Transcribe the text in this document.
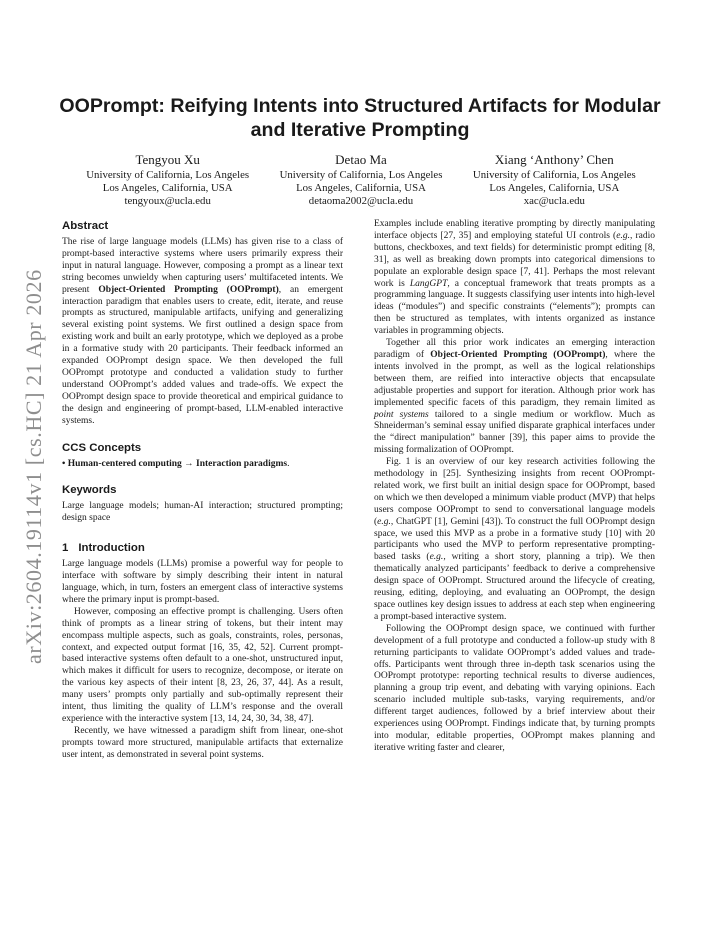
arXiv:2604.19114v1 [cs.HC] 21 Apr 2026
OOPrompt: Reifying Intents into Structured Artifacts for Modular and Iterative Prompting
Tengyou Xu
University of California, Los Angeles
Los Angeles, California, USA
tengyoux@ucla.edu
Detao Ma
University of California, Los Angeles
Los Angeles, California, USA
detaoma2002@ucla.edu
Xiang ‘Anthony’ Chen
University of California, Los Angeles
Los Angeles, California, USA
xac@ucla.edu
Abstract

The rise of large language models (LLMs) has given rise to a class of prompt-based interactive systems where users primarily express their input in natural language. However, composing a prompt as a linear text string becomes unwieldy when capturing users’ multifaceted intents. We present Object-Oriented Prompting (OOPrompt), an emergent interaction paradigm that enables users to create, edit, iterate, and reuse prompts as structured, manipulable artifacts, unifying and generalizing several existing point systems. We first outlined a design space from existing work and built an early prototype, which we deployed as a probe in a formative study with 20 participants. Their feedback informed an expanded OOPrompt design space. We then developed the full OOPrompt prototype and conducted a validation study to further understand OOPrompt’s added values and trade-offs. We expect the OOPrompt design space to provide theoretical and empirical guidance to the design and engineering of prompt-based, LLM-enabled interactive systems.

CCS Concepts

• Human-centered computing → Interaction paradigms.

Keywords

Large language models; human-AI interaction; structured prompting; design space

1 Introduction

Large language models (LLMs) promise a powerful way for people to interface with software by simply describing their intent in natural language, which, in turn, fosters an emergent class of interactive systems where the primary input is prompt-based.

However, composing an effective prompt is challenging. Users often think of prompts as a linear string of tokens, but their intent may encompass multiple aspects, such as goals, constraints, roles, personas, context, and expected output format [16, 35, 42, 52]. Current prompt-based interactive systems often default to a one-shot, unstructured input, which makes it difficult for users to recognize, decompose, or iterate on the various key aspects of their intent [8, 23, 26, 37, 44]. As a result, many users’ prompts only partially and sub-optimally represent their intent, thus limiting the quality of LLM’s response and the overall experience with the interactive system [13, 14, 24, 30, 34, 38, 47].

Recently, we have witnessed a paradigm shift from linear, one-shot prompts toward more structured, manipulable artifacts that externalize user intent, as demonstrated in several point systems.

Examples include enabling iterative prompting by directly manipulating interface objects [27, 35] and employing stateful UI controls (e.g., radio buttons, checkboxes, and text fields) for deterministic prompt editing [8, 31], as well as breaking down prompts into categorical dimensions to populate an explorable design space [7, 41]. Perhaps the most relevant work is LangGPT, a conceptual framework that treats prompts as a programming language. It suggests classifying user intents into high-level ideas (“modules”) and specific constraints (“elements”); prompts can then be structured as templates, with intents organized as instance variables in programming objects.

Together all this prior work indicates an emerging interaction paradigm of Object-Oriented Prompting (OOPrompt), where the intents involved in the prompt, as well as the logical relationships between them, are reified into interactive objects that encapsulate adjustable properties and support for iteration. Although prior work has implemented specific facets of this paradigm, they remain limited as point systems tailored to a single medium or workflow. Much as Shneiderman’s seminal essay unified disparate graphical interfaces under the “direct manipulation” banner [39], this paper aims to provide the missing formalization of OOPrompt.

Fig. 1 is an overview of our key research activities following the methodology in [25]. Synthesizing insights from recent OOPrompt-related work, we first built an initial design space for OOPrompt, based on which we then developed a minimum viable product (MVP) that helps users compose OOPrompt to send to conversational language models (e.g., ChatGPT [1], Gemini [43]). To construct the full OOPrompt design space, we used this MVP as a probe in a formative study [10] with 20 participants who used the MVP to perform representative prompting-based tasks (e.g., writing a short story, planning a trip). We then thematically analyzed participants’ feedback to derive a comprehensive design space of OOPrompt. Structured around the lifecycle of creating, reusing, editing, deploying, and evaluating an OOPrompt, the design space outlines key design issues to address at each step when engineering a prompt-based interactive system.

Following the OOPrompt design space, we continued with further development of a full prototype and conducted a follow-up study with 8 returning participants to validate OOPrompt’s added values and trade-offs. Participants went through three in-depth task scenarios using the OOPrompt prototype: reporting technical results to diverse audiences, planning a group trip event, and debating with varying opinions. Each scenario included multiple sub-tasks, varying requirements, and/or different target audiences, followed by a brief interview about their experiences using OOPrompt. Findings indicate that, by turning prompts into modular, editable properties, OOPrompt makes planning and iterative writing faster and clearer,
